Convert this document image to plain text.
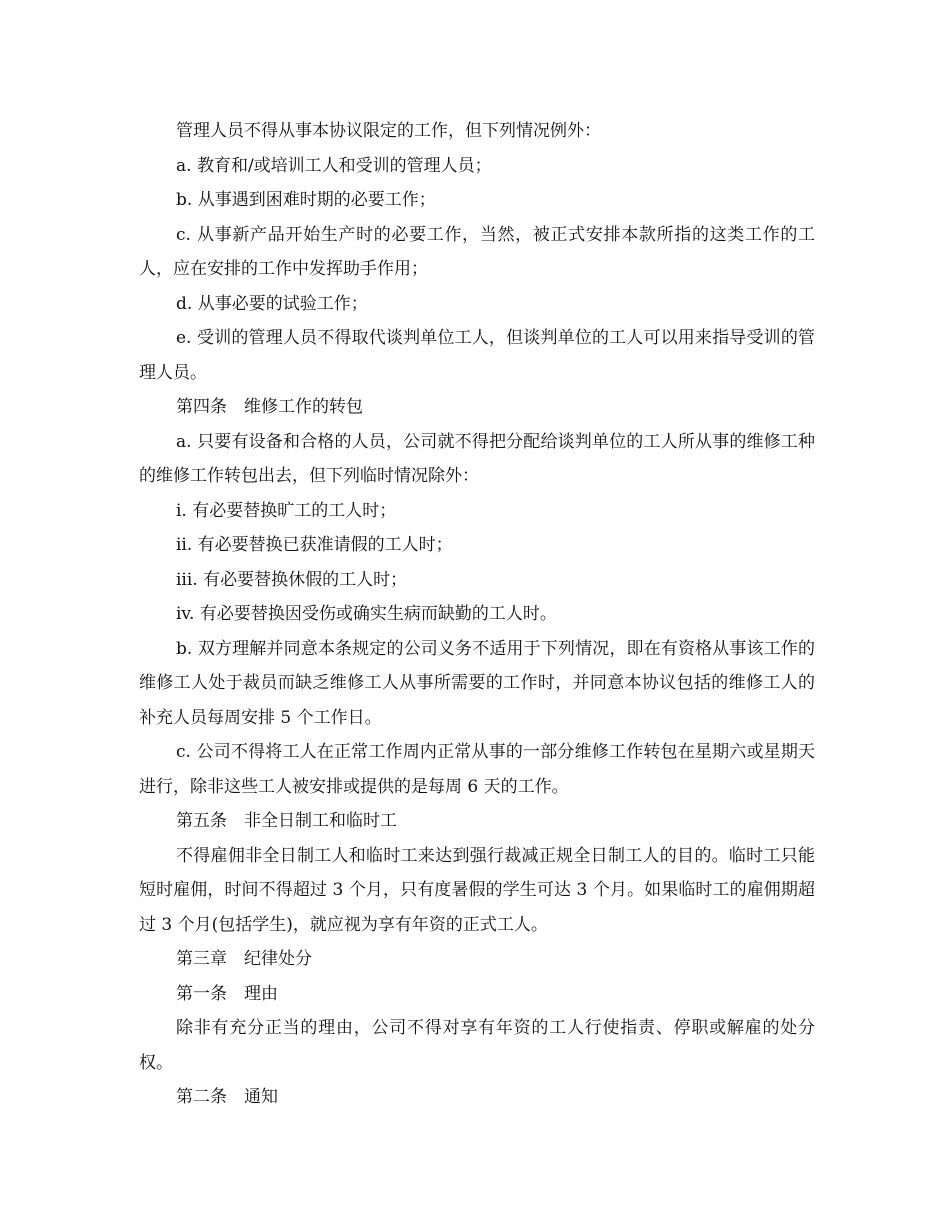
管理人员不得从事本协议限定的工作，但下列情况例外：

a. 教育和/或培训工人和受训的管理人员；

b. 从事遇到困难时期的必要工作；

c. 从事新产品开始生产时的必要工作，当然，被正式安排本款所指的这类工作的工人，应在安排的工作中发挥助手作用；

d. 从事必要的试验工作；

e. 受训的管理人员不得取代谈判单位工人，但谈判单位的工人可以用来指导受训的管理人员。

第四条　维修工作的转包

a. 只要有设备和合格的人员，公司就不得把分配给谈判单位的工人所从事的维修工种的维修工作转包出去，但下列临时情况除外：

i. 有必要替换旷工的工人时；

ii. 有必要替换已获准请假的工人时；

iii. 有必要替换休假的工人时；

iv. 有必要替换因受伤或确实生病而缺勤的工人时。

b. 双方理解并同意本条规定的公司义务不适用于下列情况，即在有资格从事该工作的维修工人处于裁员而缺乏维修工人从事所需要的工作时，并同意本协议包括的维修工人的补充人员每周安排 5 个工作日。

c. 公司不得将工人在正常工作周内正常从事的一部分维修工作转包在星期六或星期天进行，除非这些工人被安排或提供的是每周 6 天的工作。

第五条　非全日制工和临时工

不得雇佣非全日制工人和临时工来达到强行裁减正规全日制工人的目的。临时工只能短时雇佣，时间不得超过 3 个月，只有度暑假的学生可达 3 个月。如果临时工的雇佣期超过 3 个月(包括学生)，就应视为享有年资的正式工人。

第三章　纪律处分

第一条　理由

除非有充分正当的理由，公司不得对享有年资的工人行使指责、停职或解雇的处分权。

第二条　通知
